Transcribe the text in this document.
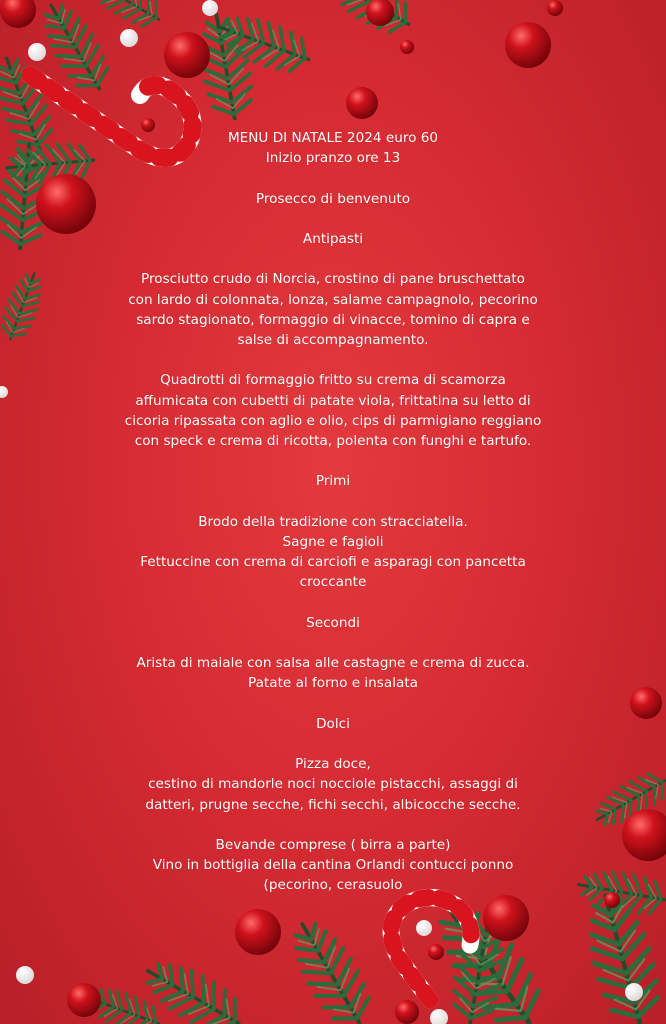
MENU DI NATALE 2024 euro 60

Inizio pranzo ore 13

Prosecco di benvenuto

Antipasti

Prosciutto crudo di Norcia, crostino di pane bruschettato

con lardo di colonnata, lonza, salame campagnolo, pecorino

sardo stagionato, formaggio di vinacce, tomino di capra e

salse di accompagnamento.

Quadrotti di formaggio fritto su crema di scamorza

affumicata con cubetti di patate viola, frittatina su letto di

cicoria ripassata con aglio e olio, cips di parmigiano reggiano

con speck e crema di ricotta, polenta con funghi e tartufo.

Primi

Brodo della tradizione con stracciatella.

Sagne e fagioli

Fettuccine con crema di carciofi e asparagi con pancetta

croccante

Secondi

Arista di maiale con salsa alle castagne e crema di zucca.

Patate al forno e insalata

Dolci

Pizza doce,

cestino di mandorle noci nocciole pistacchi, assaggi di

datteri, prugne secche, fichi secchi, albicocche secche.

Bevande comprese ( birra a parte)

Vino in bottiglia della cantina Orlandi contucci ponno

(pecorino, cerasuolo
